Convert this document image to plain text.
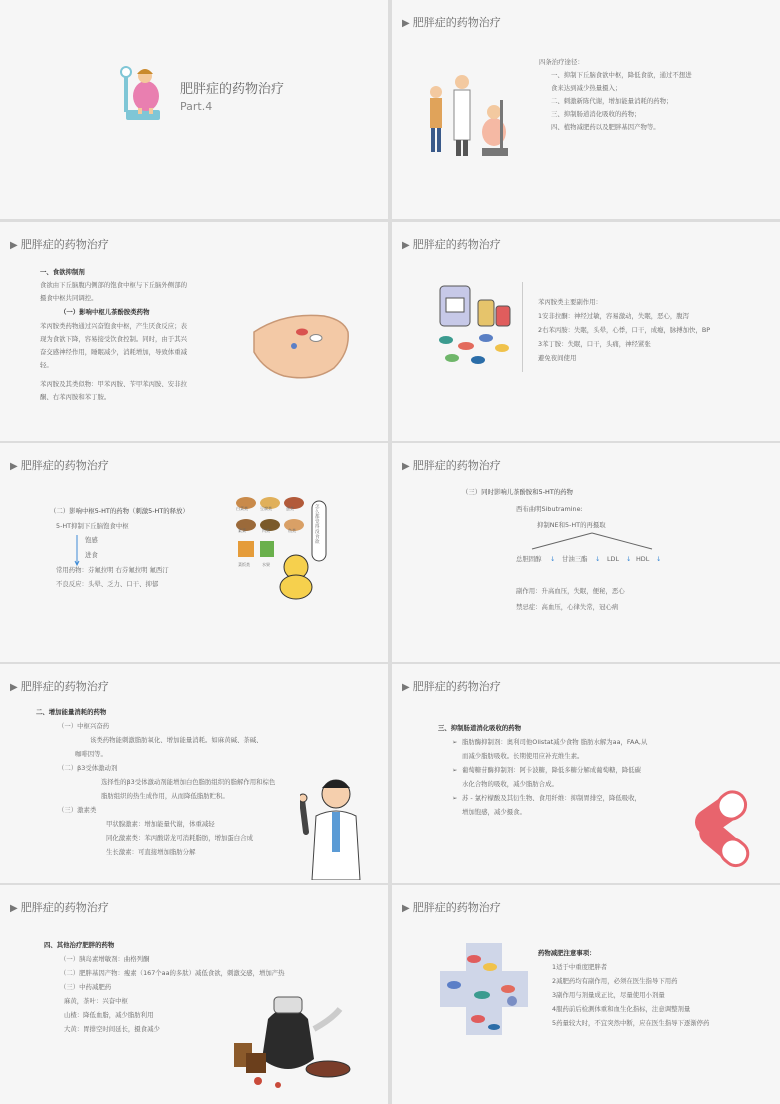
肥胖症的药物治疗
Part.4
▶ 肥胖症的药物治疗
四条治疗途径：
一、抑制下丘脑食欲中枢，降低食欲，通过不想进
食来达到减少热量摄入；
二、刺激新陈代谢，增加能量消耗的药物；
三、抑制肠道消化吸收的药物；
四、植物减肥药以及肥胖基因产物等。
▶ 肥胖症的药物治疗
一、食欲抑制剂
食欲由下丘脑腹内侧部的饱食中枢与下丘脑外侧部的
摄食中枢共同调控。
（一）影响中枢儿茶酚胺类药物
苯丙胺类药物通过兴奋饱食中枢，产生厌食反应；表
现为食欲下降，容易接受饮食控制。同时，由于其兴
奋交感神经作用，睡眠减少，消耗增加，导致体重减
轻。
苯丙胺及其类似物：甲苯丙胺、苄甲苯丙胺、安非拉
酮、右苯丙胺和苯丁胺。
▶ 肥胖症的药物治疗
苯丙胺类主要副作用：
1安非拉酮：神经过敏，容易激动，失眠，恶心，腹泻
2右苯丙胺：失眠，头晕，心悸，口干，成瘾，脉搏加快，BP
3苯丁胺：失眠，口干，头痛，神经紧张
避免夜间使用
▶ 肥胖症的药物治疗
（二）影响中枢5-HT的药物（刺激5-HT的释放）
5-HT抑制下丘脑饱食中枢
饱感
进食
常用药物：芬氟拉明 右芬氟拉明 氟西汀
不良反应：头晕、乏力、口干、抑郁
白菜类	豆腐类	蛋类
素菜	肉类	鱼类
菜饭类	水果
怎么都觉得没食欲
▶ 肥胖症的药物治疗
（三）同时影响儿茶酚胺和5-HT的药物
西布曲明Sibutramine:
抑制NE和5-HT的再摄取
总胆固醇 ↓ 甘油三酯 ↓ LDL ↓ HDL ↓
副作用：升高血压，失眠，便秘，恶心
禁忌症：高血压，心律失常，冠心病
▶ 肥胖症的药物治疗
二、增加能量消耗的药物
（一）中枢兴奋药
该类药物能刺激脂肪氧化、增加能量消耗。如麻黄碱、茶碱、
咖啡因等。
（二）β3受体激动剂
选择性的β3受体激动剂能增加白色脂肪组织的脂解作用和棕色
脂肪组织的热生成作用，从而降低脂肪贮积。
（三）激素类
甲状腺激素：增加能量代谢，体重减轻
同化激素类：苯丙酸诺龙可消耗脂肪，增加蛋白合成
生长激素：可直接增加脂肪分解
▶ 肥胖症的药物治疗
三、抑制肠道消化吸收的药物
➢ 脂肪酶抑制剂：奥利司他Olistat减少食物 脂肪水解为aa，FAA,从
而减少脂肪吸收。长期使用应补充维生素。
➢ 葡萄糖苷酶抑制剂：阿卡波糖，降低多糖分解成葡萄糖，降低碳
水化合物的吸收，减少脂肪合成。
➢ 苏 - 氯柠檬酸及其衍生物、食用纤维：抑制胃排空，降低吸收，
增加饱感，减少摄食。
▶ 肥胖症的药物治疗
四、其他治疗肥胖的药物
（一）胰岛素增敏剂：曲格列酮
（二）肥胖基因产物：瘦素（167个aa的多肽）减低食欲，刺激交感，增加产热
（三）中药减肥药
麻黄，茶叶：兴奋中枢
山楂：降低血脂，减少脂肪利用
大黄：胃排空时间延长，摄食减少
▶ 肥胖症的药物治疗
药物减肥注意事项：
1适于中重度肥胖者
2减肥药均有副作用，必须在医生指导下用药
3副作用与剂量成正比，尽量使用小剂量
4服药前后检测体重和血生化指标，注意调整剂量
5药量较大时，不宜突然中断，应在医生指导下逐渐停药
